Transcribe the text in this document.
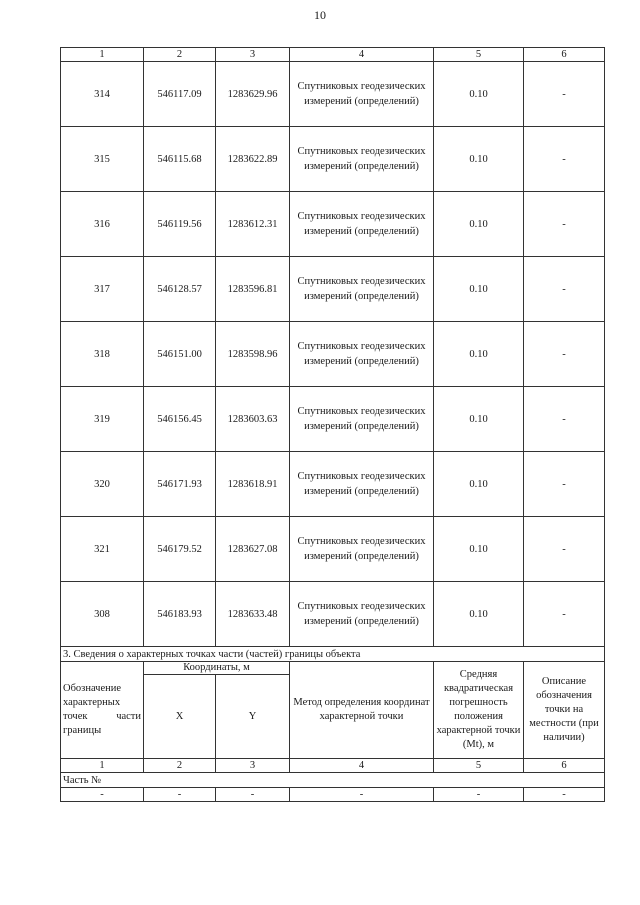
10
1	2	3	4	5	6
314	546117.09	1283629.96	Спутниковых геодезических измерений (определений)	0.10	-
315	546115.68	1283622.89	Спутниковых геодезических измерений (определений)	0.10	-
316	546119.56	1283612.31	Спутниковых геодезических измерений (определений)	0.10	-
317	546128.57	1283596.81	Спутниковых геодезических измерений (определений)	0.10	-
318	546151.00	1283598.96	Спутниковых геодезических измерений (определений)	0.10	-
319	546156.45	1283603.63	Спутниковых геодезических измерений (определений)	0.10	-
320	546171.93	1283618.91	Спутниковых геодезических измерений (определений)	0.10	-
321	546179.52	1283627.08	Спутниковых геодезических измерений (определений)	0.10	-
308	546183.93	1283633.48	Спутниковых геодезических измерений (определений)	0.10	-
3. Сведения о характерных точках части (частей) границы объекта					
Обозначение характерных точек части границы	Координаты, м		Метод определения координат характерной точки	Средняя квадратическая погрешность положения характерной точки (Mt), м	Описание обозначения точки на местности (при наличии)
	X	Y			
1	2	3	4	5	6
Часть №					
-	-	-	-	-	-
